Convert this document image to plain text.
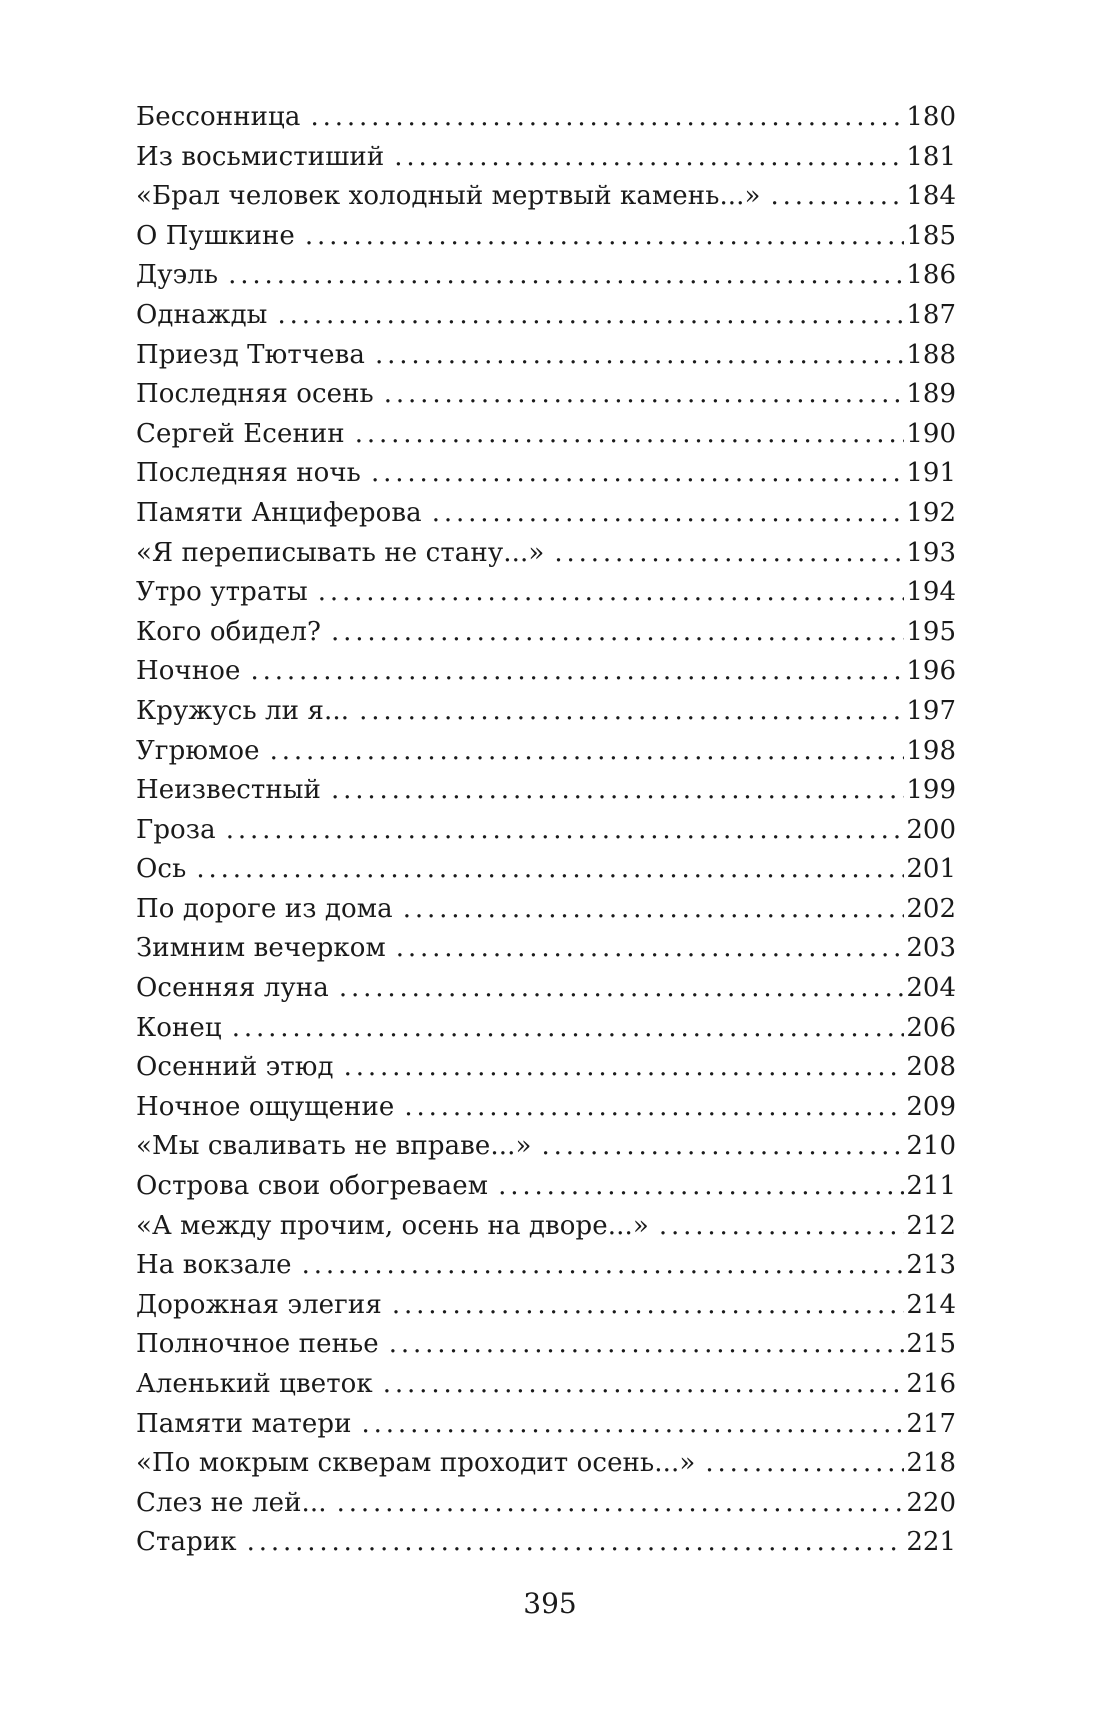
Бессонница . . .	180
Из восьмистиший . . .	181
«Брал человек холодный мертвый камень...» . . .	184
О Пушкине . . .	185
Дуэль . . .	186
Однажды . . .	187
Приезд Тютчева . . .	188
Последняя осень . . .	189
Сергей Есенин . . .	190
Последняя ночь . . .	191
Памяти Анциферова . . .	192
«Я переписывать не стану...» . . .	193
Утро утраты . . .	194
Кого обидел? . . .	195
Ночное . . .	196
Кружусь ли я... . . .	197
Угрюмое . . .	198
Неизвестный . . .	199
Гроза . . .	200
Ось . . .	201
По дороге из дома . . .	202
Зимним вечерком . . .	203
Осенняя луна . . .	204
Конец . . .	206
Осенний этюд . . .	208
Ночное ощущение . . .	209
«Мы сваливать не вправе...» . . .	210
Острова свои обогреваем . . .	211
«А между прочим, осень на дворе...» . . .	212
На вокзале . . .	213
Дорожная элегия . . .	214
Полночное пенье . . .	215
Аленький цветок . . .	216
Памяти матери . . .	217
«По мокрым скверам проходит осень...» . . .	218
Слез не лей... . . .	220
Старик . . .	221
395
